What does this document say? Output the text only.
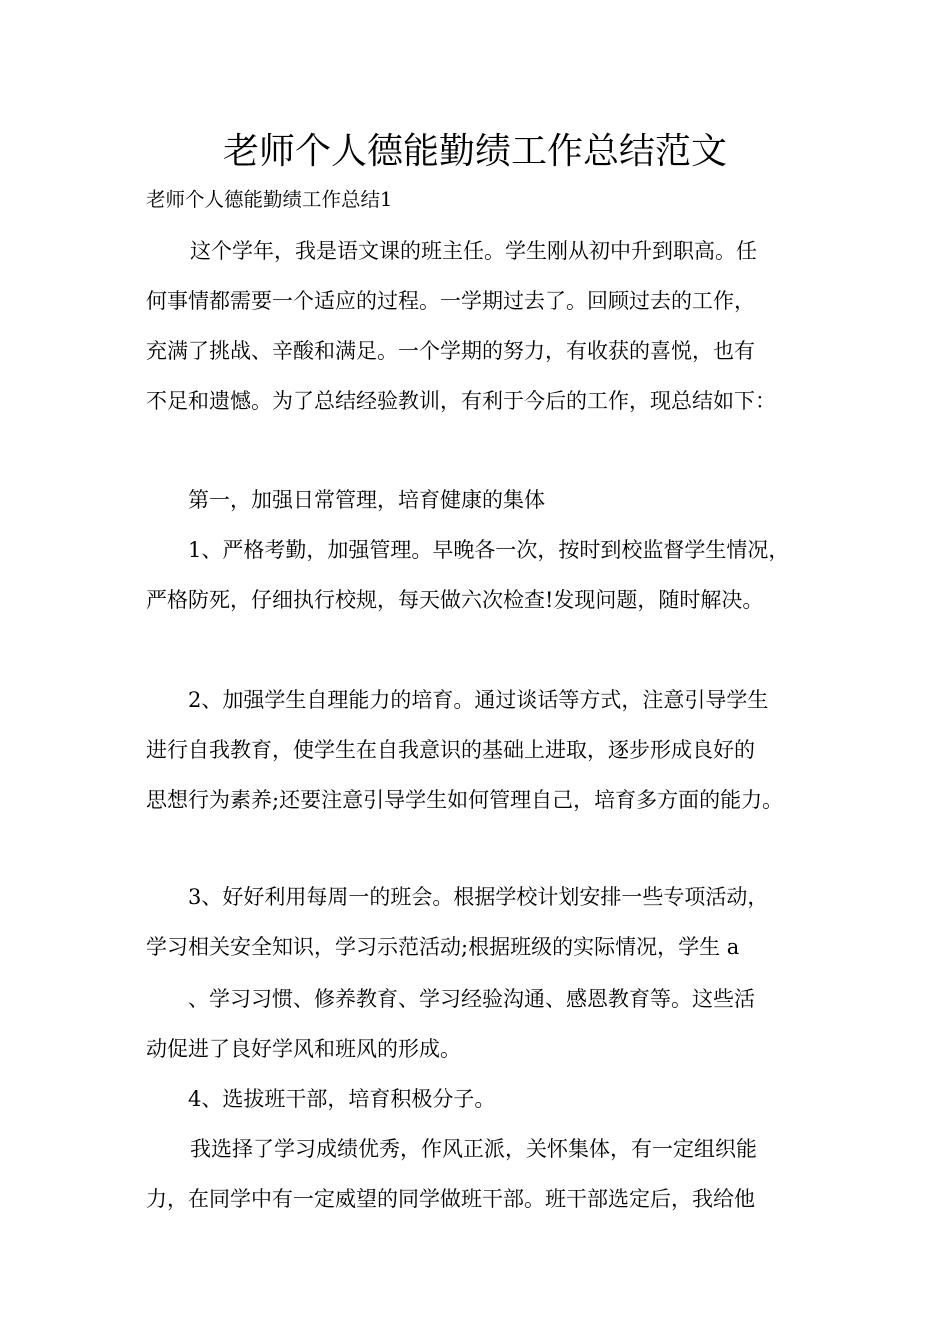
老师个人德能勤绩工作总结范文
老师个人德能勤绩工作总结1
这个学年，我是语文课的班主任。学生刚从初中升到职高。任
何事情都需要一个适应的过程。一学期过去了。回顾过去的工作，
充满了挑战、辛酸和满足。一个学期的努力，有收获的喜悦，也有
不足和遗憾。为了总结经验教训，有利于今后的工作，现总结如下：
第一，加强日常管理，培育健康的集体
1、严格考勤，加强管理。早晚各一次，按时到校监督学生情况，
严格防死，仔细执行校规，每天做六次检查!发现问题，随时解决。
2、加强学生自理能力的培育。通过谈话等方式，注意引导学生
进行自我教育，使学生在自我意识的基础上进取，逐步形成良好的
思想行为素养;还要注意引导学生如何管理自己，培育多方面的能力。
3、好好利用每周一的班会。根据学校计划安排一些专项活动，
学习相关安全知识，学习示范活动;根据班级的实际情况，学生 a
、学习习惯、修养教育、学习经验沟通、感恩教育等。这些活
动促进了良好学风和班风的形成。
4、选拔班干部，培育积极分子。
我选择了学习成绩优秀，作风正派，关怀集体，有一定组织能
力，在同学中有一定威望的同学做班干部。班干部选定后，我给他
